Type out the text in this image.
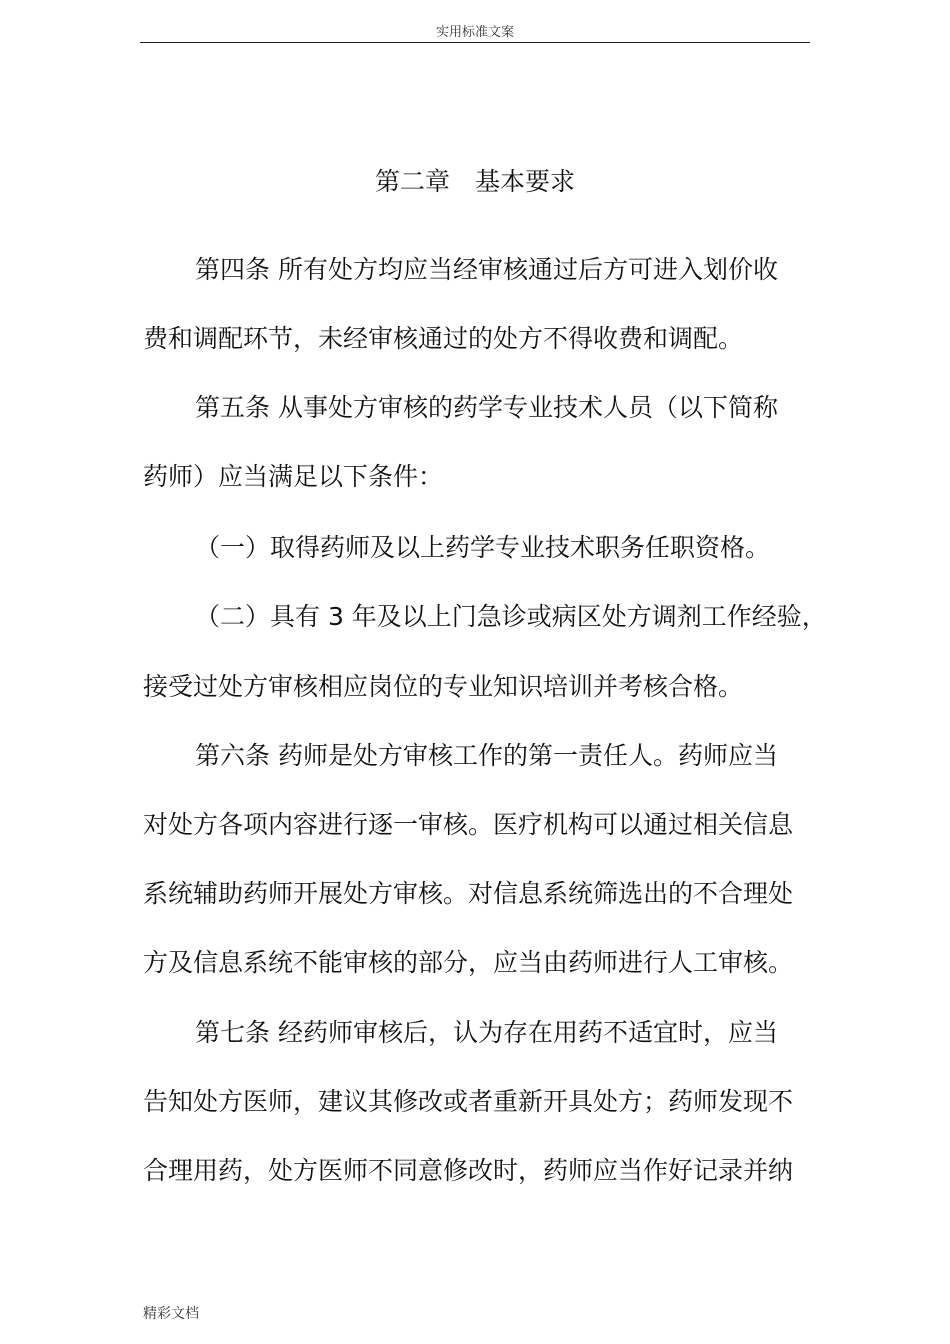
实用标准文案
第二章　基本要求
第四条 所有处方均应当经审核通过后方可进入划价收
费和调配环节，未经审核通过的处方不得收费和调配。
第五条 从事处方审核的药学专业技术人员（以下简称
药师）应当满足以下条件：
（一）取得药师及以上药学专业技术职务任职资格。
（二）具有 3 年及以上门急诊或病区处方调剂工作经验，
接受过处方审核相应岗位的专业知识培训并考核合格。
第六条 药师是处方审核工作的第一责任人。药师应当
对处方各项内容进行逐一审核。医疗机构可以通过相关信息
系统辅助药师开展处方审核。对信息系统筛选出的不合理处
方及信息系统不能审核的部分，应当由药师进行人工审核。
第七条 经药师审核后，认为存在用药不适宜时，应当
告知处方医师，建议其修改或者重新开具处方；药师发现不
合理用药，处方医师不同意修改时，药师应当作好记录并纳
精彩文档
